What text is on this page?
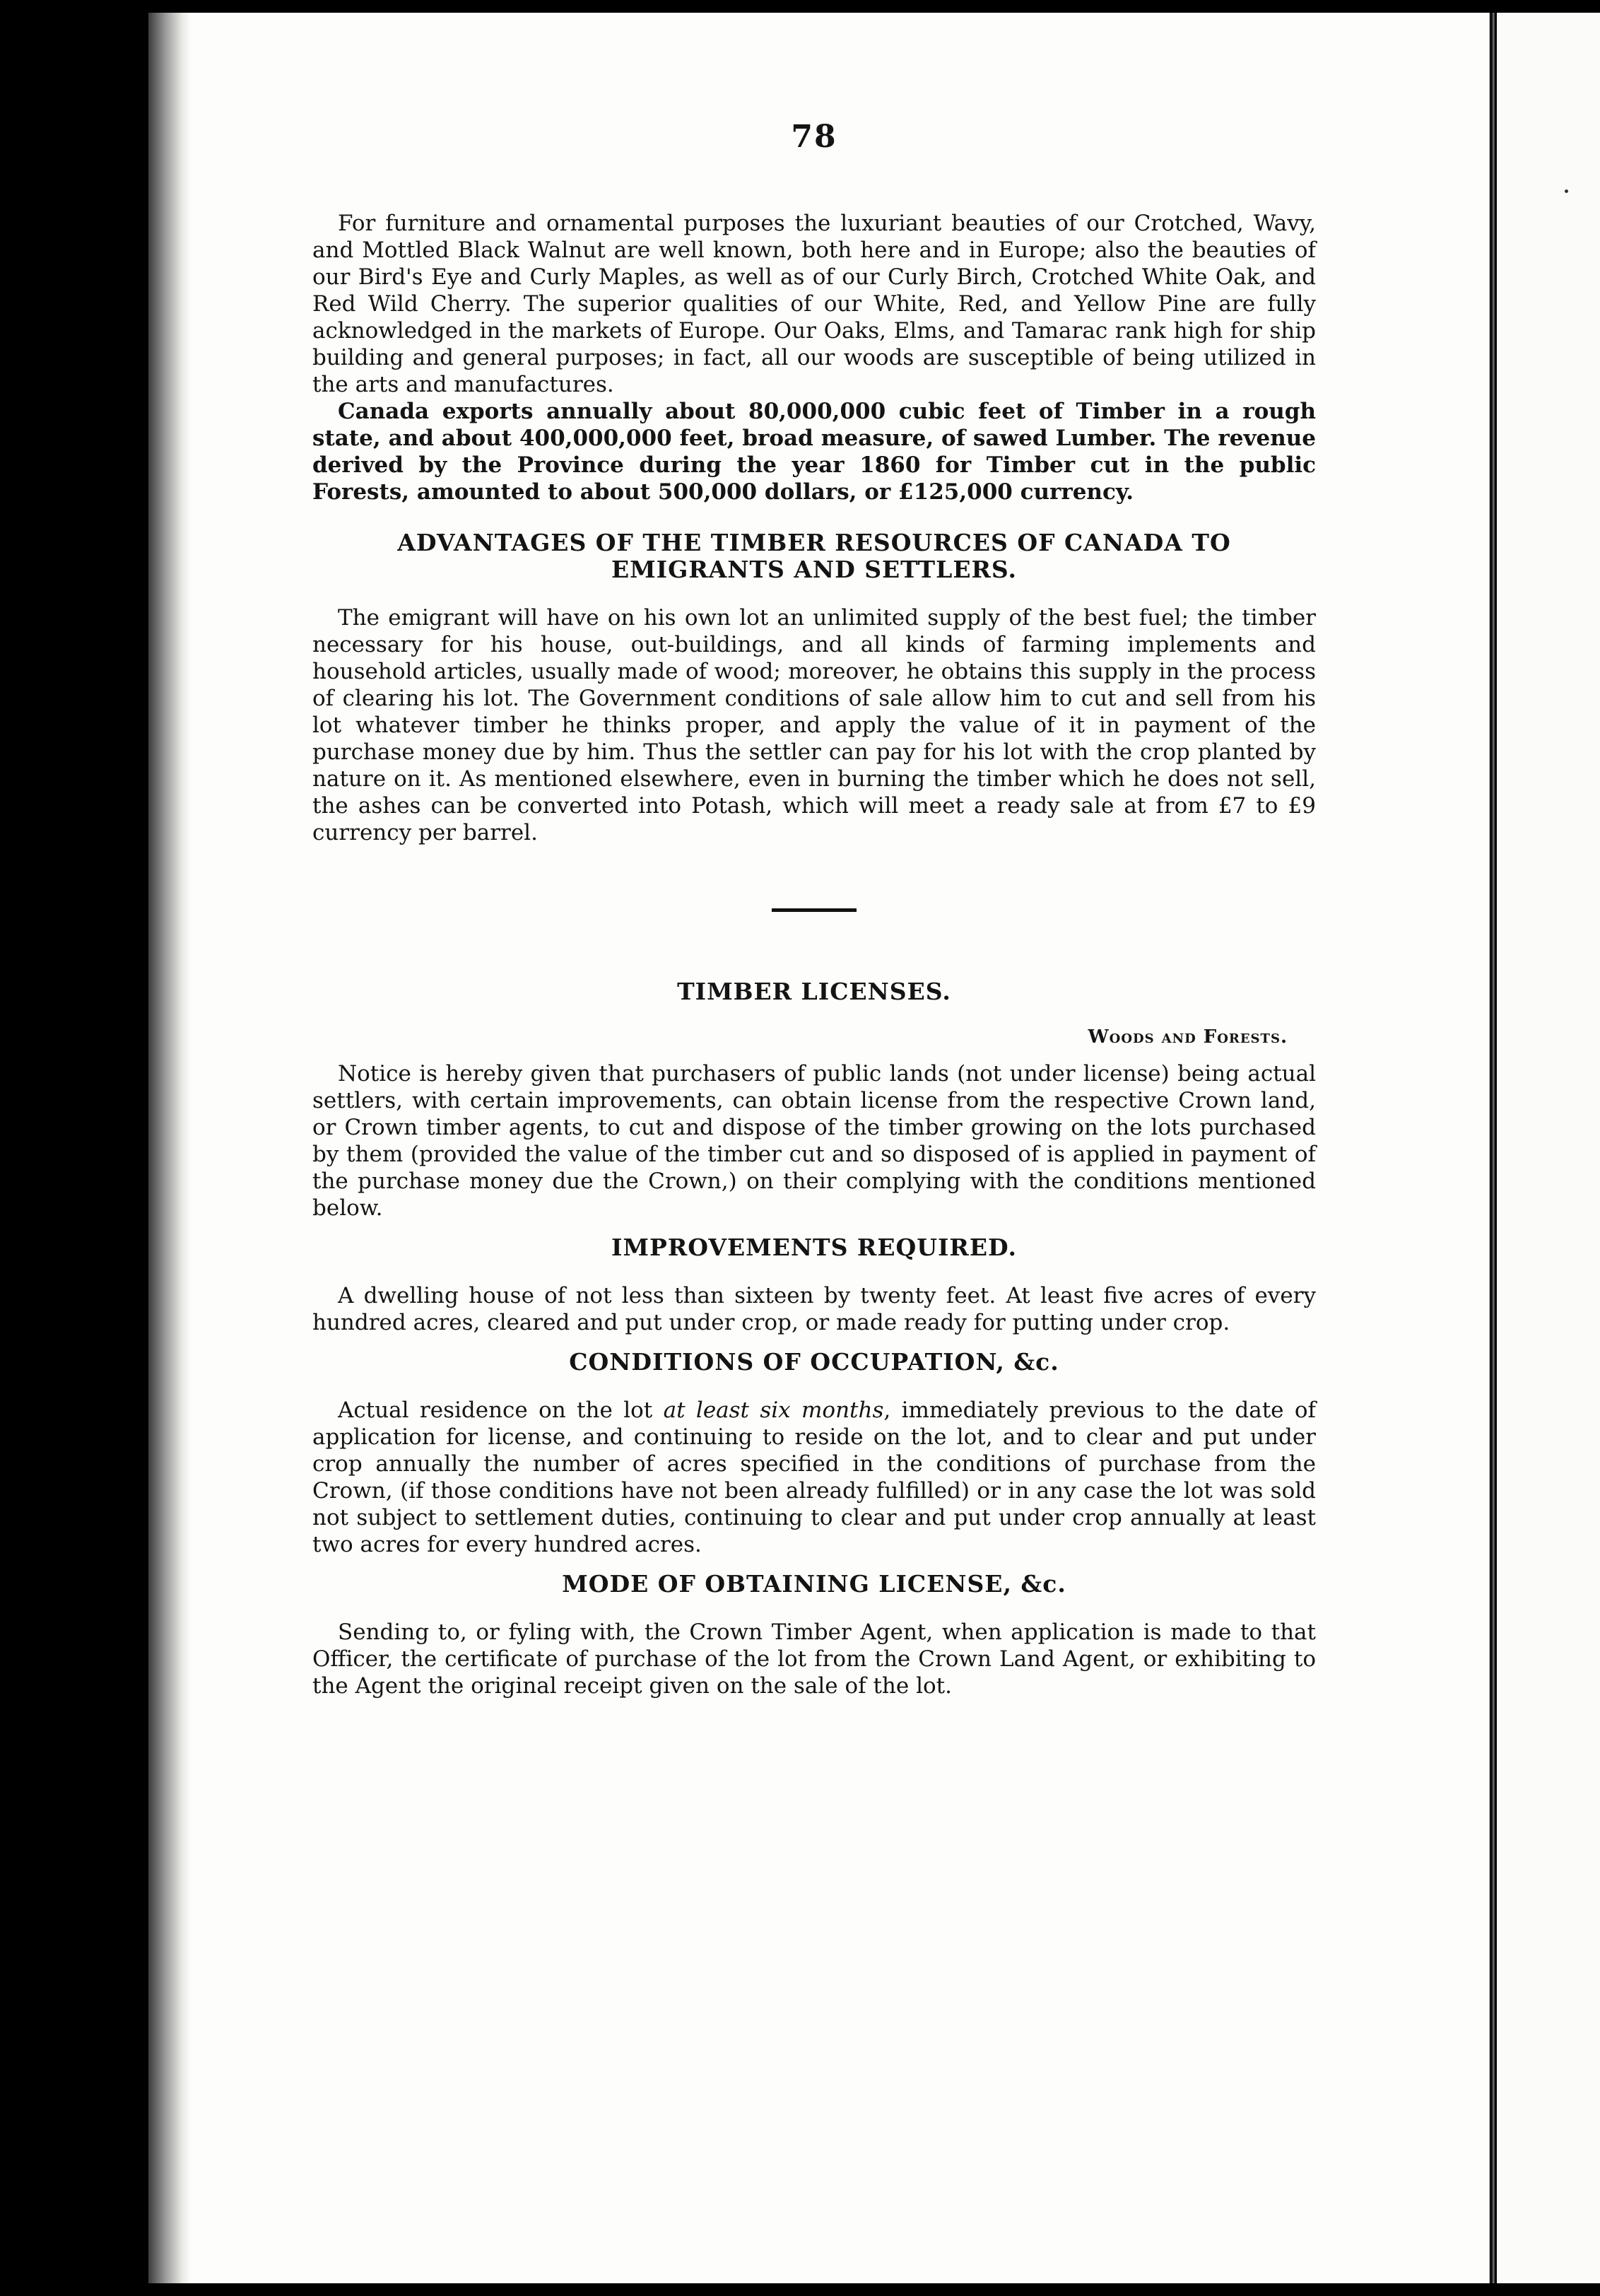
78

For furniture and ornamental purposes the luxuriant beauties of our Crotched, Wavy, and Mottled Black Walnut are well known, both here and in Europe; also the beauties of our Bird's Eye and Curly Maples, as well as of our Curly Birch, Crotched White Oak, and Red Wild Cherry. The superior qualities of our White, Red, and Yellow Pine are fully acknowledged in the markets of Europe. Our Oaks, Elms, and Tamarac rank high for ship building and general purposes; in fact, all our woods are susceptible of being utilized in the arts and manufactures.

Canada exports annually about 80,000,000 cubic feet of Timber in a rough state, and about 400,000,000 feet, broad measure, of sawed Lumber. The revenue derived by the Province during the year 1860 for Timber cut in the public Forests, amounted to about 500,000 dollars, or £125,000 currency.

ADVANTAGES OF THE TIMBER RESOURCES OF CANADA TO
EMIGRANTS AND SETTLERS.

The emigrant will have on his own lot an unlimited supply of the best fuel; the timber necessary for his house, out-buildings, and all kinds of farming implements and household articles, usually made of wood; moreover, he obtains this supply in the process of clearing his lot. The Government conditions of sale allow him to cut and sell from his lot whatever timber he thinks proper, and apply the value of it in payment of the purchase money due by him. Thus the settler can pay for his lot with the crop planted by nature on it. As mentioned elsewhere, even in burning the timber which he does not sell, the ashes can be converted into Potash, which will meet a ready sale at from £7 to £9 currency per barrel.

TIMBER LICENSES.
Woods and Forests.

Notice is hereby given that purchasers of public lands (not under license) being actual settlers, with certain improvements, can obtain license from the respective Crown land, or Crown timber agents, to cut and dispose of the timber growing on the lots purchased by them (provided the value of the timber cut and so disposed of is applied in payment of the purchase money due the Crown,) on their complying with the conditions mentioned below.

IMPROVEMENTS REQUIRED.

A dwelling house of not less than sixteen by twenty feet. At least five acres of every hundred acres, cleared and put under crop, or made ready for putting under crop.

CONDITIONS OF OCCUPATION, &c.

Actual residence on the lot at least six months, immediately previous to the date of application for license, and continuing to reside on the lot, and to clear and put under crop annually the number of acres specified in the conditions of purchase from the Crown, (if those conditions have not been already fulfilled) or in any case the lot was sold not subject to settlement duties, continuing to clear and put under crop annually at least two acres for every hundred acres.

MODE OF OBTAINING LICENSE, &c.

Sending to, or fyling with, the Crown Timber Agent, when application is made to that Officer, the certificate of purchase of the lot from the Crown Land Agent, or exhibiting to the Agent the original receipt given on the sale of the lot.
